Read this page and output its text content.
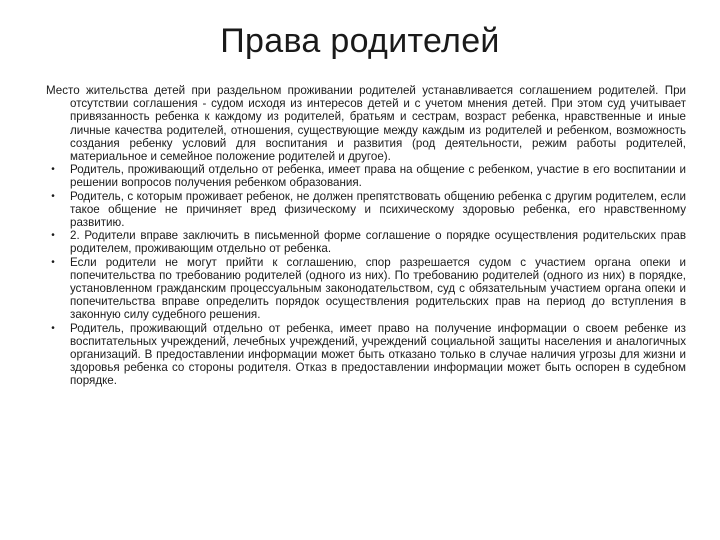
Права родителей

Место жительства детей при раздельном проживании родителей устанавливается соглашением родителей. При отсутствии соглашения - судом исходя из интересов детей и с учетом мнения детей. При этом суд учитывает привязанность ребенка к каждому из родителей, братьям и сестрам, возраст ребенка, нравственные и иные личные качества родителей, отношения, существующие между каждым из родителей и ребенком, возможность создания ребенку условий для воспитания и развития (род деятельности, режим работы родителей, материальное и семейное положение родителей и другое).

•	Родитель, проживающий отдельно от ребенка, имеет права на общение с ребенком, участие в его воспитании и решении вопросов получения ребенком образования.
•	Родитель, с которым проживает ребенок, не должен препятствовать общению ребенка с другим родителем, если такое общение не причиняет вред физическому и психическому здоровью ребенка, его нравственному развитию.
•	2. Родители вправе заключить в письменной форме соглашение о порядке осуществления родительских прав родителем, проживающим отдельно от ребенка.
•	Если родители не могут прийти к соглашению, спор разрешается судом с участием органа опеки и попечительства по требованию родителей (одного из них). По требованию родителей (одного из них) в порядке, установленном гражданским процессуальным законодательством, суд с обязательным участием органа опеки и попечительства вправе определить порядок осуществления родительских прав на период до вступления в законную силу судебного решения.
•	Родитель, проживающий отдельно от ребенка, имеет право на получение информации о своем ребенке из воспитательных учреждений, лечебных учреждений, учреждений социальной защиты населения и аналогичных организаций. В предоставлении информации может быть отказано только в случае наличия угрозы для жизни и здоровья ребенка со стороны родителя. Отказ в предоставлении информации может быть оспорен в судебном порядке.
